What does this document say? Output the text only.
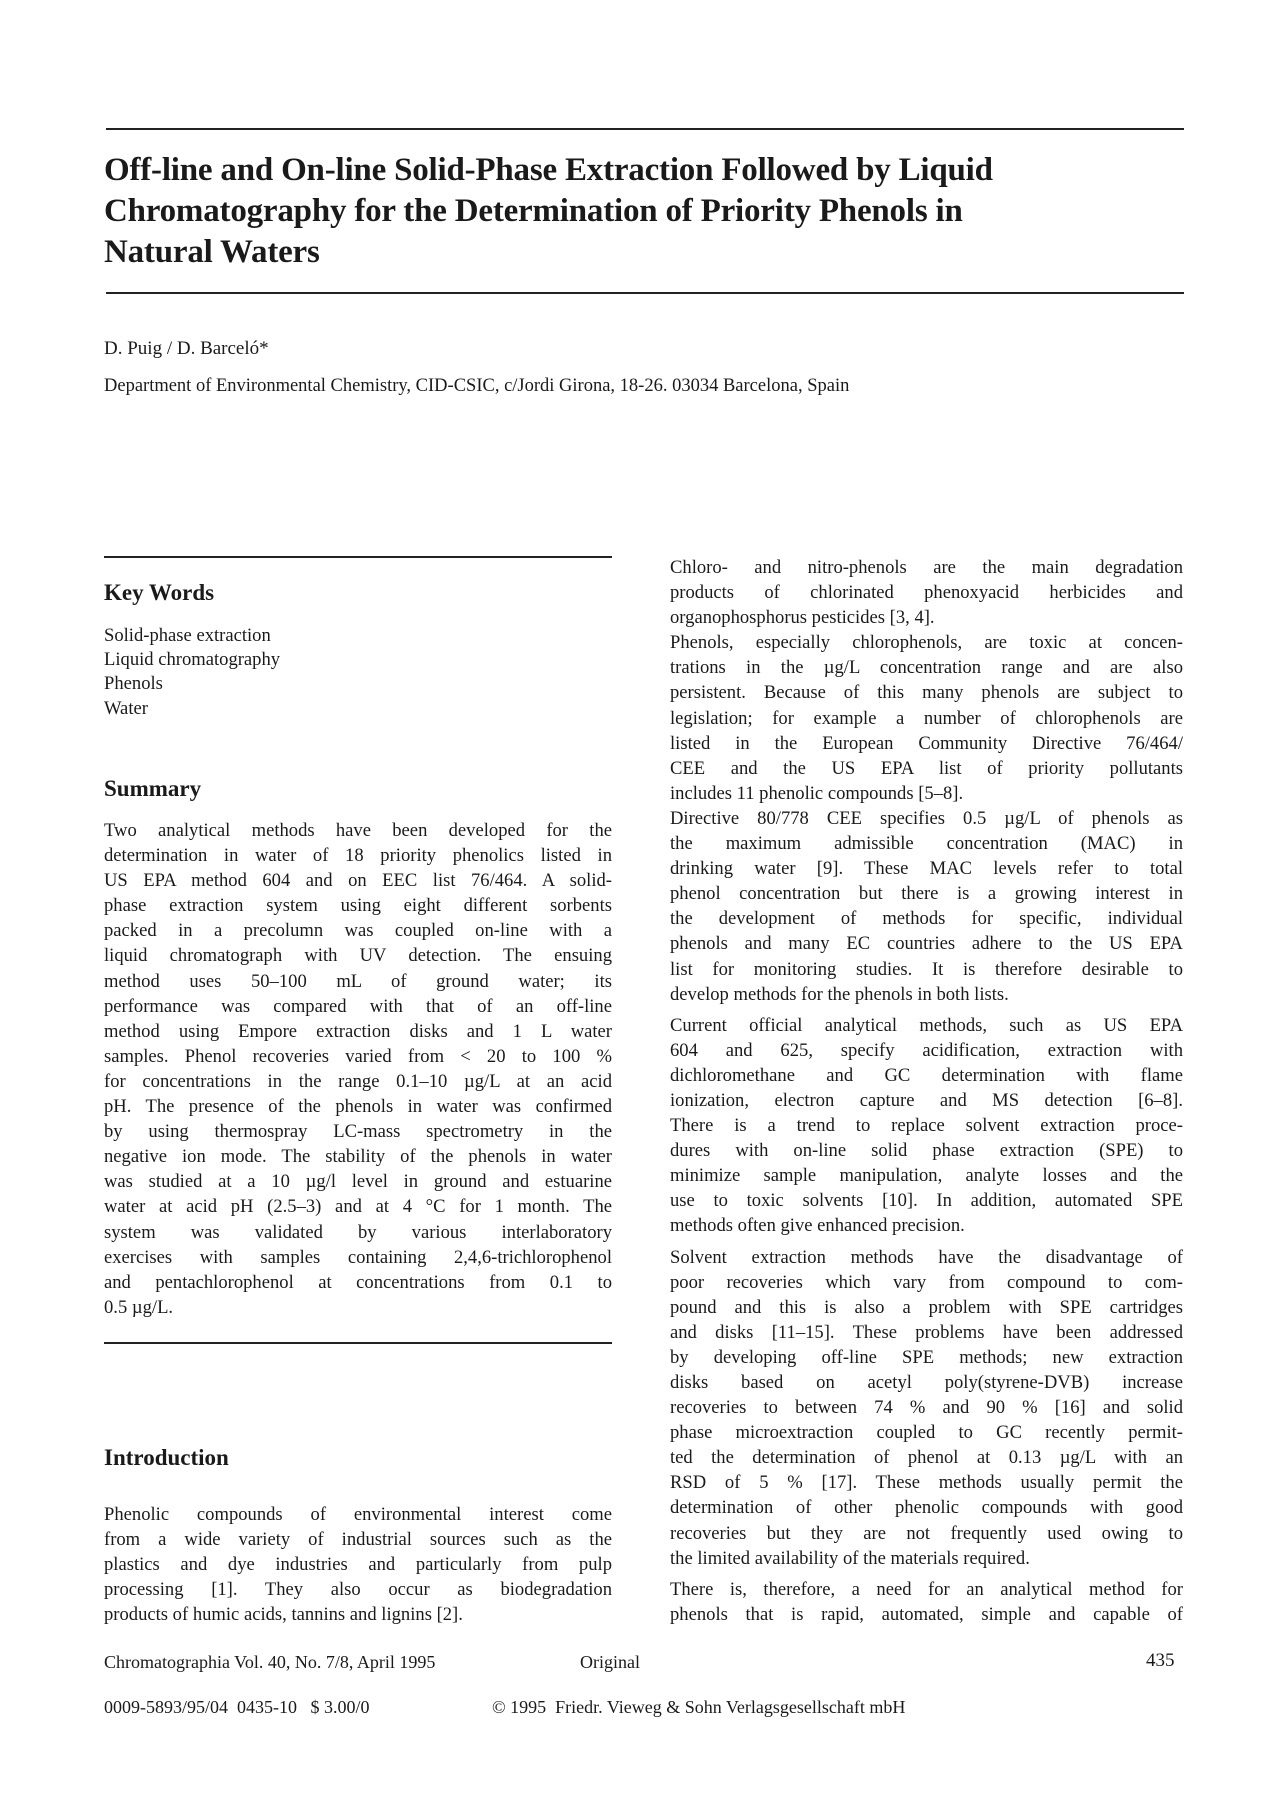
Off-line and On-line Solid-Phase Extraction Followed by Liquid
Chromatography for the Determination of Priority Phenols in
Natural Waters
D. Puig / D. Barceló*
Department of Environmental Chemistry, CID-CSIC, c/Jordi Girona, 18-26. 03034 Barcelona, Spain
Key Words
Solid-phase extraction
Liquid chromatography
Phenols
Water
Summary
Two analytical methods have been developed for the
determination in water of 18 priority phenolics listed in
US EPA method 604 and on EEC list 76/464. A solid-
phase extraction system using eight different sorbents
packed in a precolumn was coupled on-line with a
liquid chromatograph with UV detection. The ensuing
method uses 50–100 mL of ground water; its
performance was compared with that of an off-line
method using Empore extraction disks and 1 L water
samples. Phenol recoveries varied from < 20 to 100 %
for concentrations in the range 0.1–10 µg/L at an acid
pH. The presence of the phenols in water was confirmed
by using thermospray LC-mass spectrometry in the
negative ion mode. The stability of the phenols in water
was studied at a 10 µg/l level in ground and estuarine
water at acid pH (2.5–3) and at 4 °C for 1 month. The
system was validated by various interlaboratory
exercises with samples containing 2,4,6-trichlorophenol
and pentachlorophenol at concentrations from 0.1 to
0.5 µg/L.
Introduction
Phenolic compounds of environmental interest come
from a wide variety of industrial sources such as the
plastics and dye industries and particularly from pulp
processing [1]. They also occur as biodegradation
products of humic acids, tannins and lignins [2].
Chloro- and nitro-phenols are the main degradation
products of chlorinated phenoxyacid herbicides and
organophosphorus pesticides [3, 4].
Phenols, especially chlorophenols, are toxic at concen-
trations in the µg/L concentration range and are also
persistent. Because of this many phenols are subject to
legislation; for example a number of chlorophenols are
listed in the European Community Directive 76/464/
CEE and the US EPA list of priority pollutants
includes 11 phenolic compounds [5–8].
Directive 80/778 CEE specifies 0.5 µg/L of phenols as
the maximum admissible concentration (MAC) in
drinking water [9]. These MAC levels refer to total
phenol concentration but there is a growing interest in
the development of methods for specific, individual
phenols and many EC countries adhere to the US EPA
list for monitoring studies. It is therefore desirable to
develop methods for the phenols in both lists.
Current official analytical methods, such as US EPA
604 and 625, specify acidification, extraction with
dichloromethane and GC determination with flame
ionization, electron capture and MS detection [6–8].
There is a trend to replace solvent extraction proce-
dures with on-line solid phase extraction (SPE) to
minimize sample manipulation, analyte losses and the
use to toxic solvents [10]. In addition, automated SPE
methods often give enhanced precision.
Solvent extraction methods have the disadvantage of
poor recoveries which vary from compound to com-
pound and this is also a problem with SPE cartridges
and disks [11–15]. These problems have been addressed
by developing off-line SPE methods; new extraction
disks based on acetyl poly(styrene-DVB) increase
recoveries to between 74 % and 90 % [16] and solid
phase microextraction coupled to GC recently permit-
ted the determination of phenol at 0.13 µg/L with an
RSD of 5 % [17]. These methods usually permit the
determination of other phenolic compounds with good
recoveries but they are not frequently used owing to
the limited availability of the materials required.
There is, therefore, a need for an analytical method for
phenols that is rapid, automated, simple and capable of
Chromatographia Vol. 40, No. 7/8, April 1995	Original	435
0009-5893/95/04  0435-10   $ 3.00/0	© 1995  Friedr. Vieweg & Sohn Verlagsgesellschaft mbH
